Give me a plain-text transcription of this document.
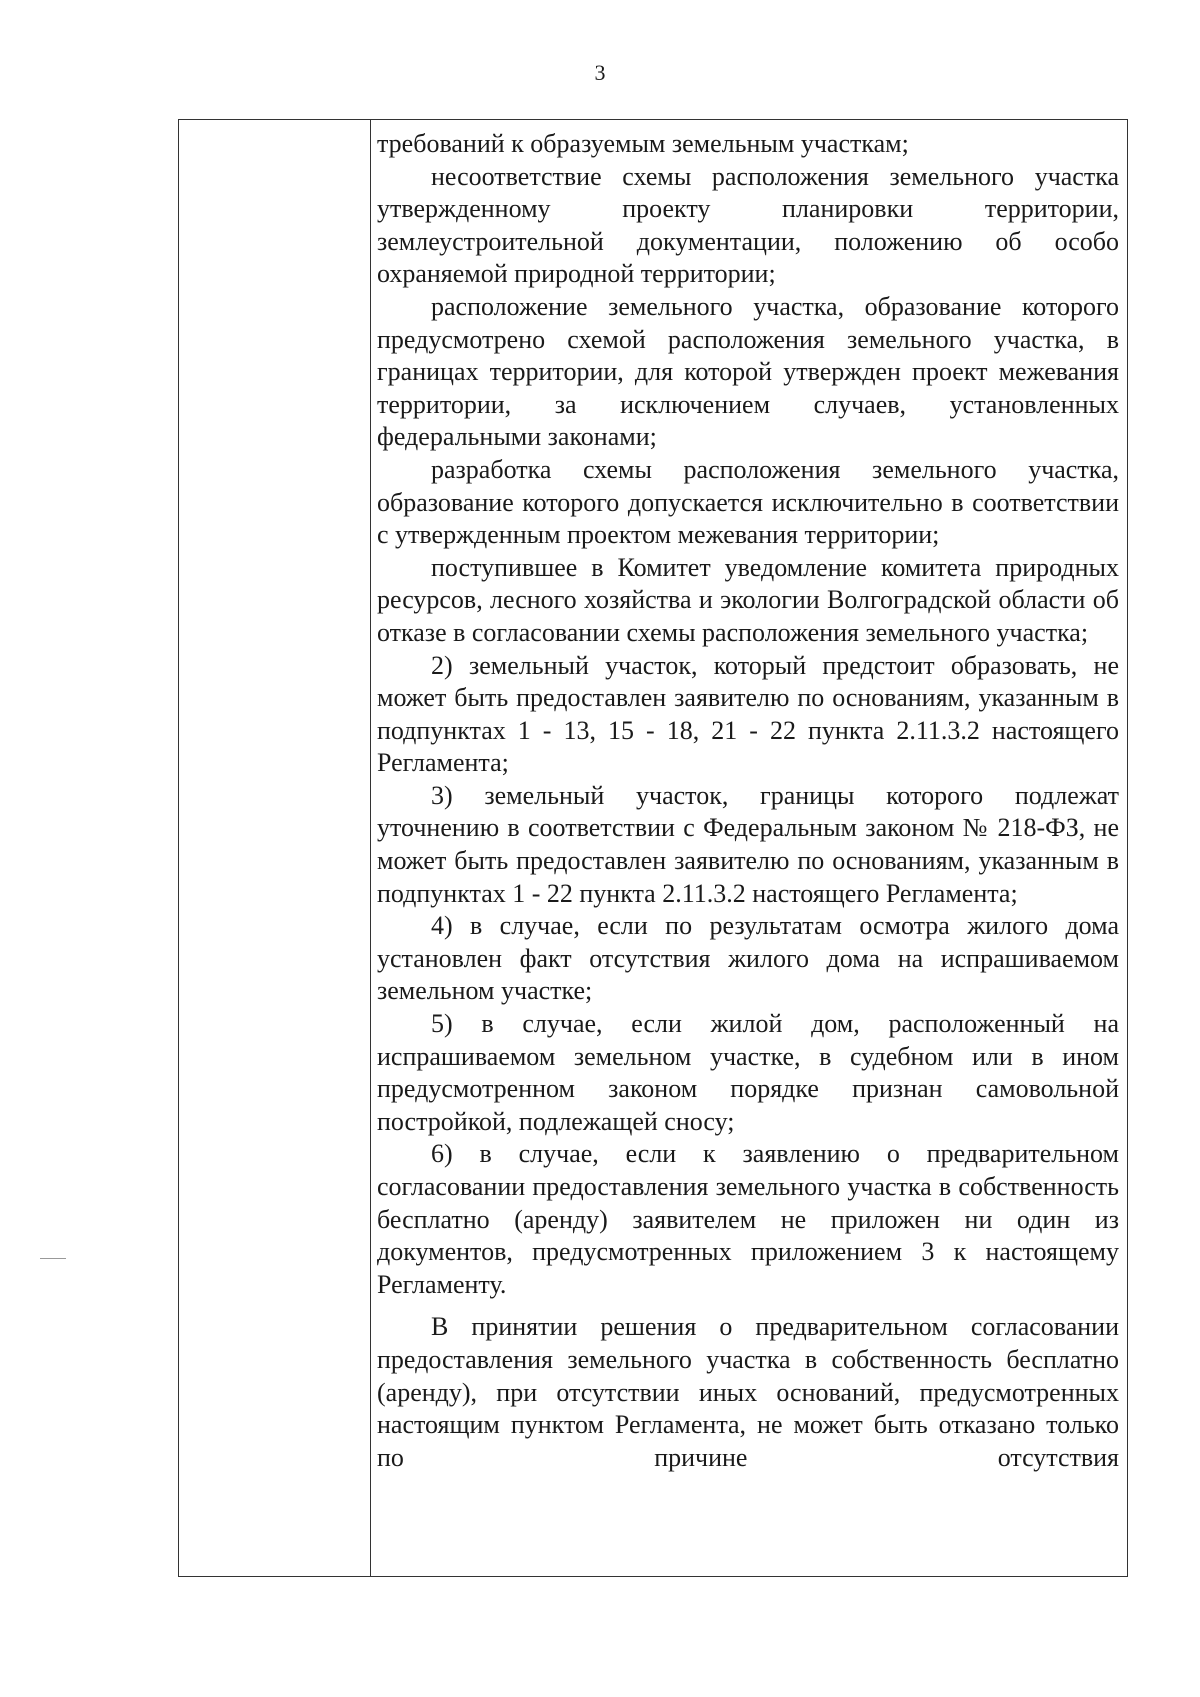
3

требований к образуемым земельным участкам;

несоответствие схемы расположения земельного участка утвержденному проекту планировки территории, землеустроительной документации, положению об особо охраняемой природной территории;

расположение земельного участка, образование которого предусмотрено схемой расположения земельного участка, в границах территории, для которой утвержден проект межевания территории, за исключением случаев, установленных федеральными законами;

разработка схемы расположения земельного участка, образование которого допускается исключительно в соответствии с утвержденным проектом межевания территории;

поступившее в Комитет уведомление комитета природных ресурсов, лесного хозяйства и экологии Волгоградской области об отказе в согласовании схемы расположения земельного участка;

2) земельный участок, который предстоит образовать, не может быть предоставлен заявителю по основаниям, указанным в подпунктах 1 - 13, 15 - 18, 21 - 22 пункта 2.11.3.2 настоящего Регламента;

3) земельный участок, границы которого подлежат уточнению в соответствии с Федеральным законом № 218-ФЗ, не может быть предоставлен заявителю по основаниям, указанным в подпунктах 1 - 22 пункта 2.11.3.2 настоящего Регламента;

4) в случае, если по результатам осмотра жилого дома установлен факт отсутствия жилого дома на испрашиваемом земельном участке;

5) в случае, если жилой дом, расположенный на испрашиваемом земельном участке, в судебном или в ином предусмотренном законом порядке признан самовольной постройкой, подлежащей сносу;

6) в случае, если к заявлению о предварительном согласовании предоставления земельного участка в собственность бесплатно (аренду) заявителем не приложен ни один из документов, предусмотренных приложением 3 к настоящему Регламенту.

В принятии решения о предварительном согласовании предоставления земельного участка в собственность бесплатно (аренду), при отсутствии иных оснований, предусмотренных настоящим пунктом Регламента, не может быть отказано только по причине отсутствия
